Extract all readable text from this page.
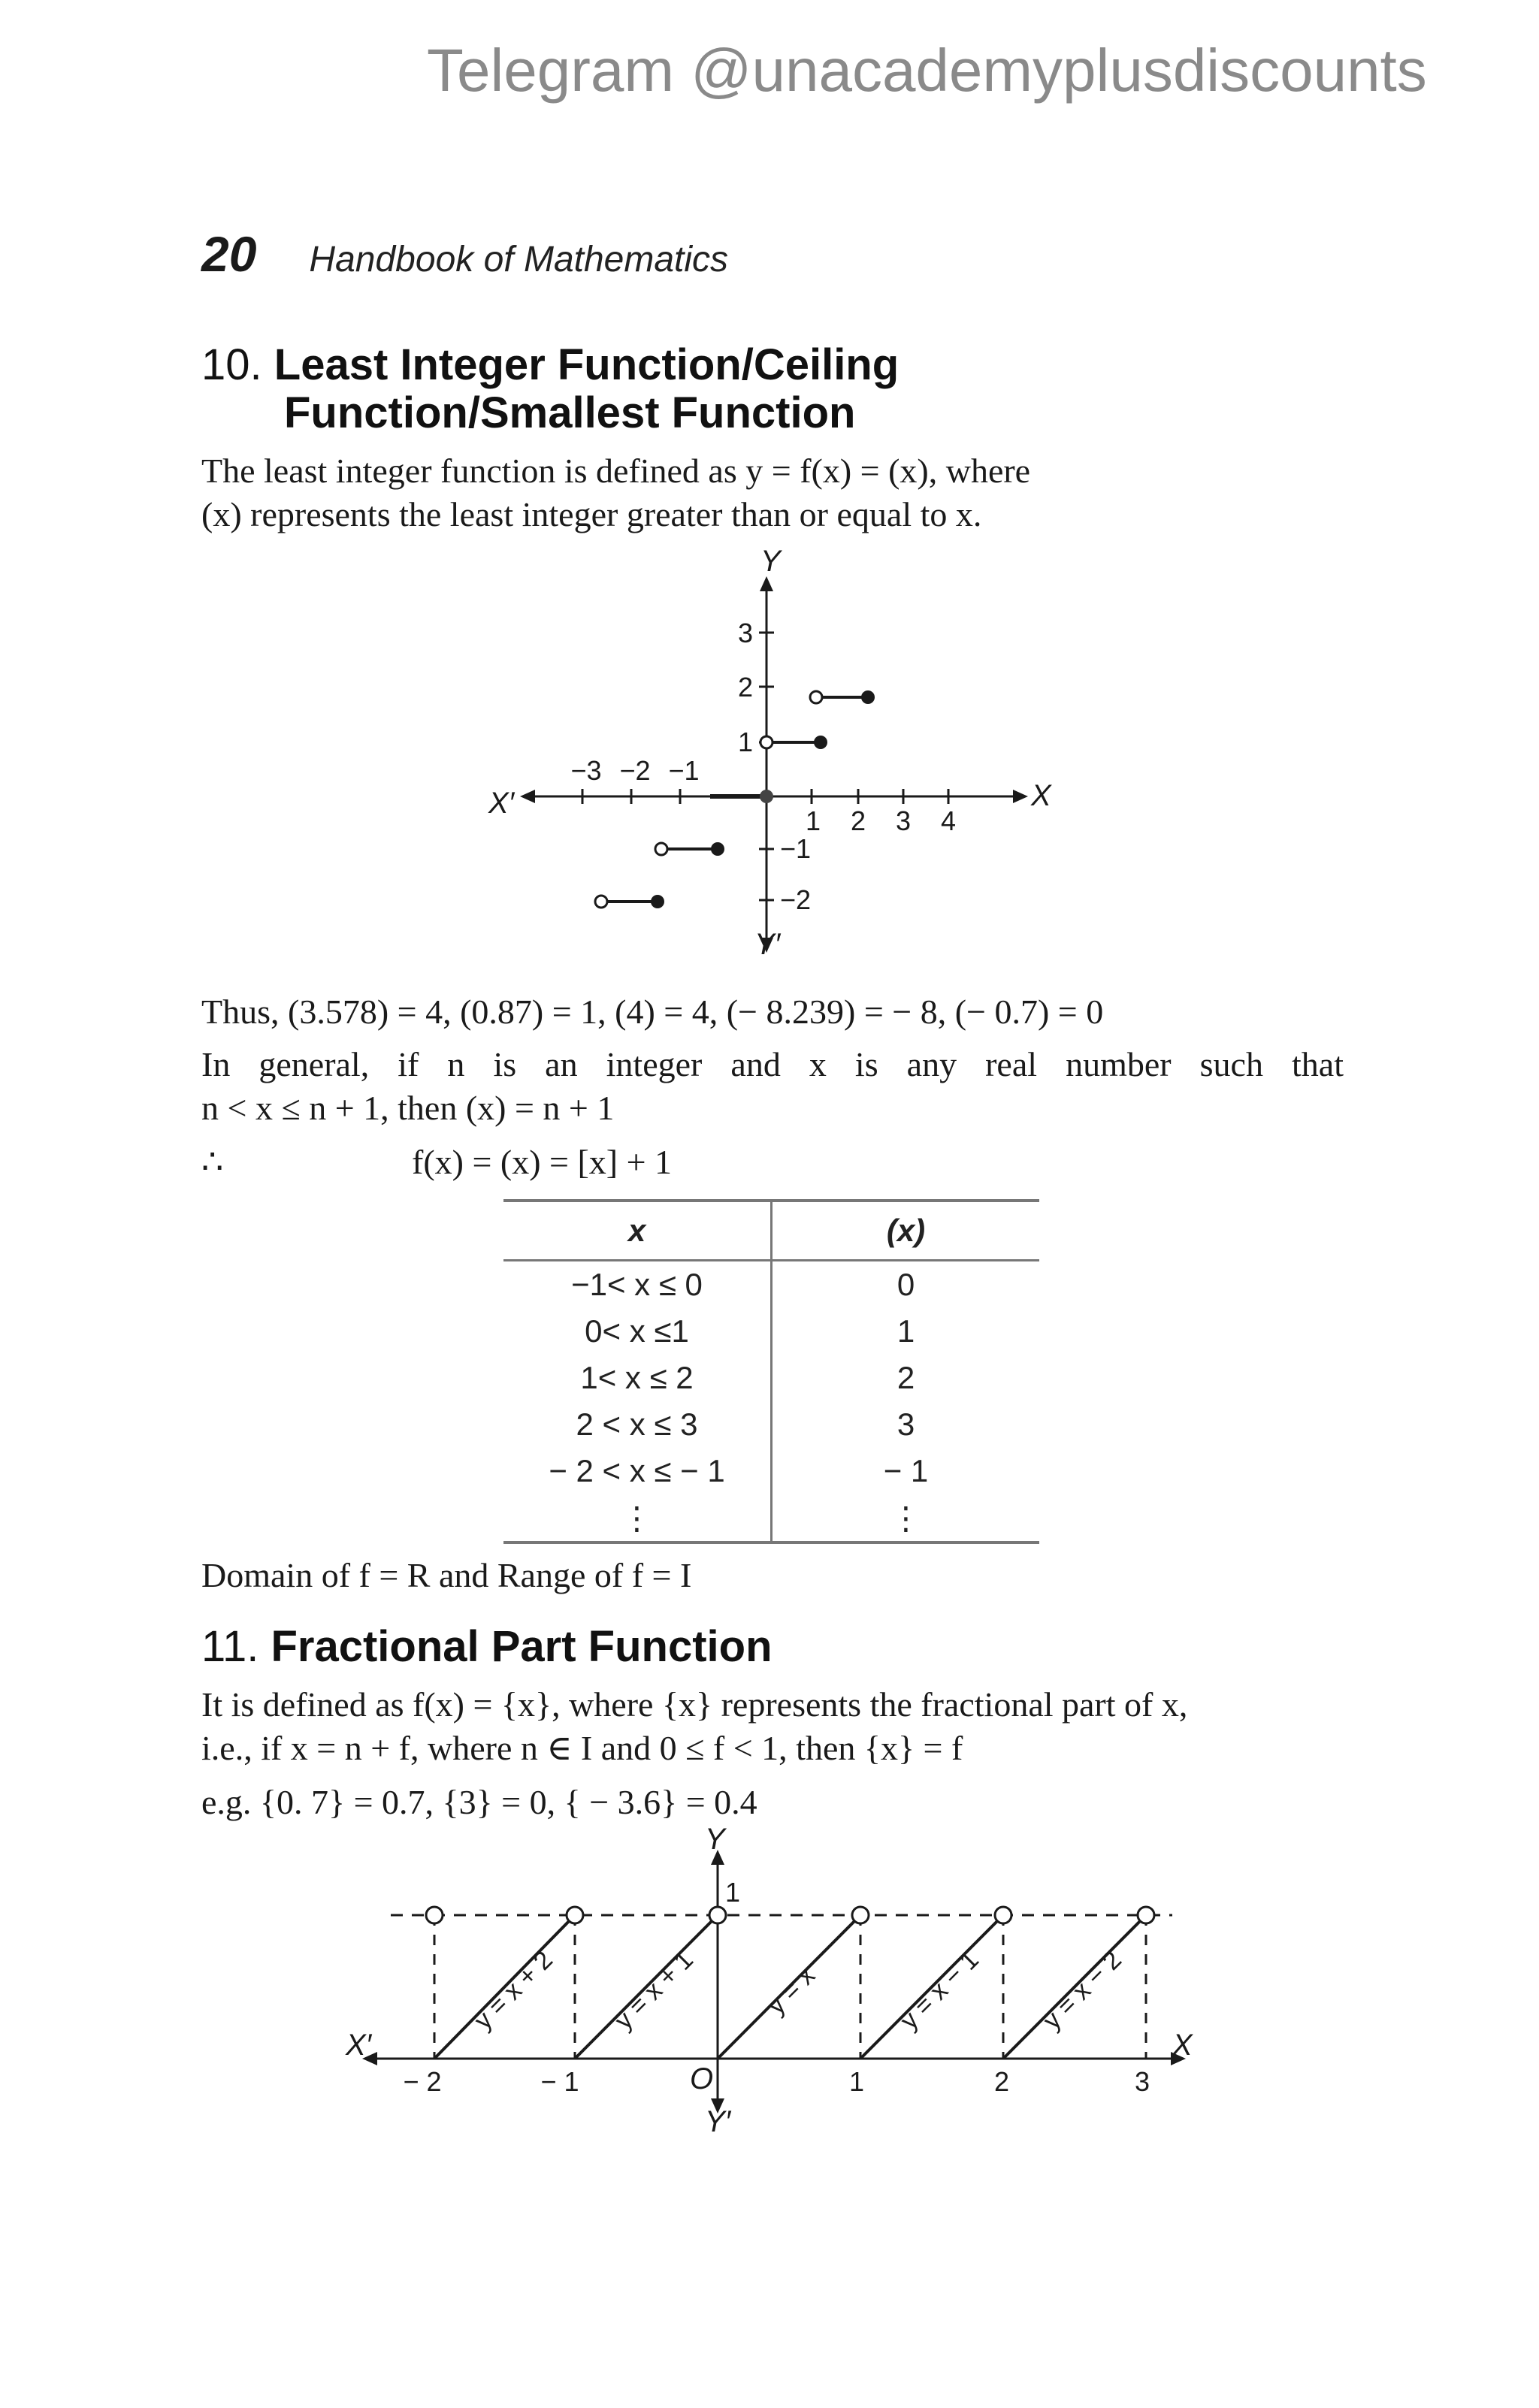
Telegram @unacademyplusdiscounts
20 Handbook of Mathematics
10. Least Integer Function/Ceiling
Function/Smallest Function
The least integer function is defined as y = f(x) = (x), where
(x) represents the least integer greater than or equal to x.
−3 −2 −1
1 2 3 4
3
2
1
−1
−2
X
X′
Y
Y′
Thus, (3.578) = 4, (0.87) = 1, (4) = 4, (− 8.239) = − 8, (− 0.7) = 0
In general, if n is an integer and x is any real number such that
n < x ≤ n + 1, then (x) = n + 1
∴	f(x) = (x) = [x] + 1
x	(x)
−1< x ≤ 0	0
0< x ≤1	1
1< x ≤ 2	2
2 < x ≤ 3	3
− 2 < x ≤ − 1	− 1
⋮	⋮
Domain of f = R and Range of f = I
11. Fractional Part Function
It is defined as f(x) = {x}, where {x} represents the fractional part of x,
i.e., if x = n + f, where n ∈ I and 0 ≤ f < 1, then {x} = f
e.g. {0. 7} = 0.7, {3} = 0, { − 3.6} = 0.4
y = x + 2 y = x + 1 y = x	y = x − 1 y = x − 2
− 2	− 1	1	2	3
X
X′
Y
Y′
O
1
